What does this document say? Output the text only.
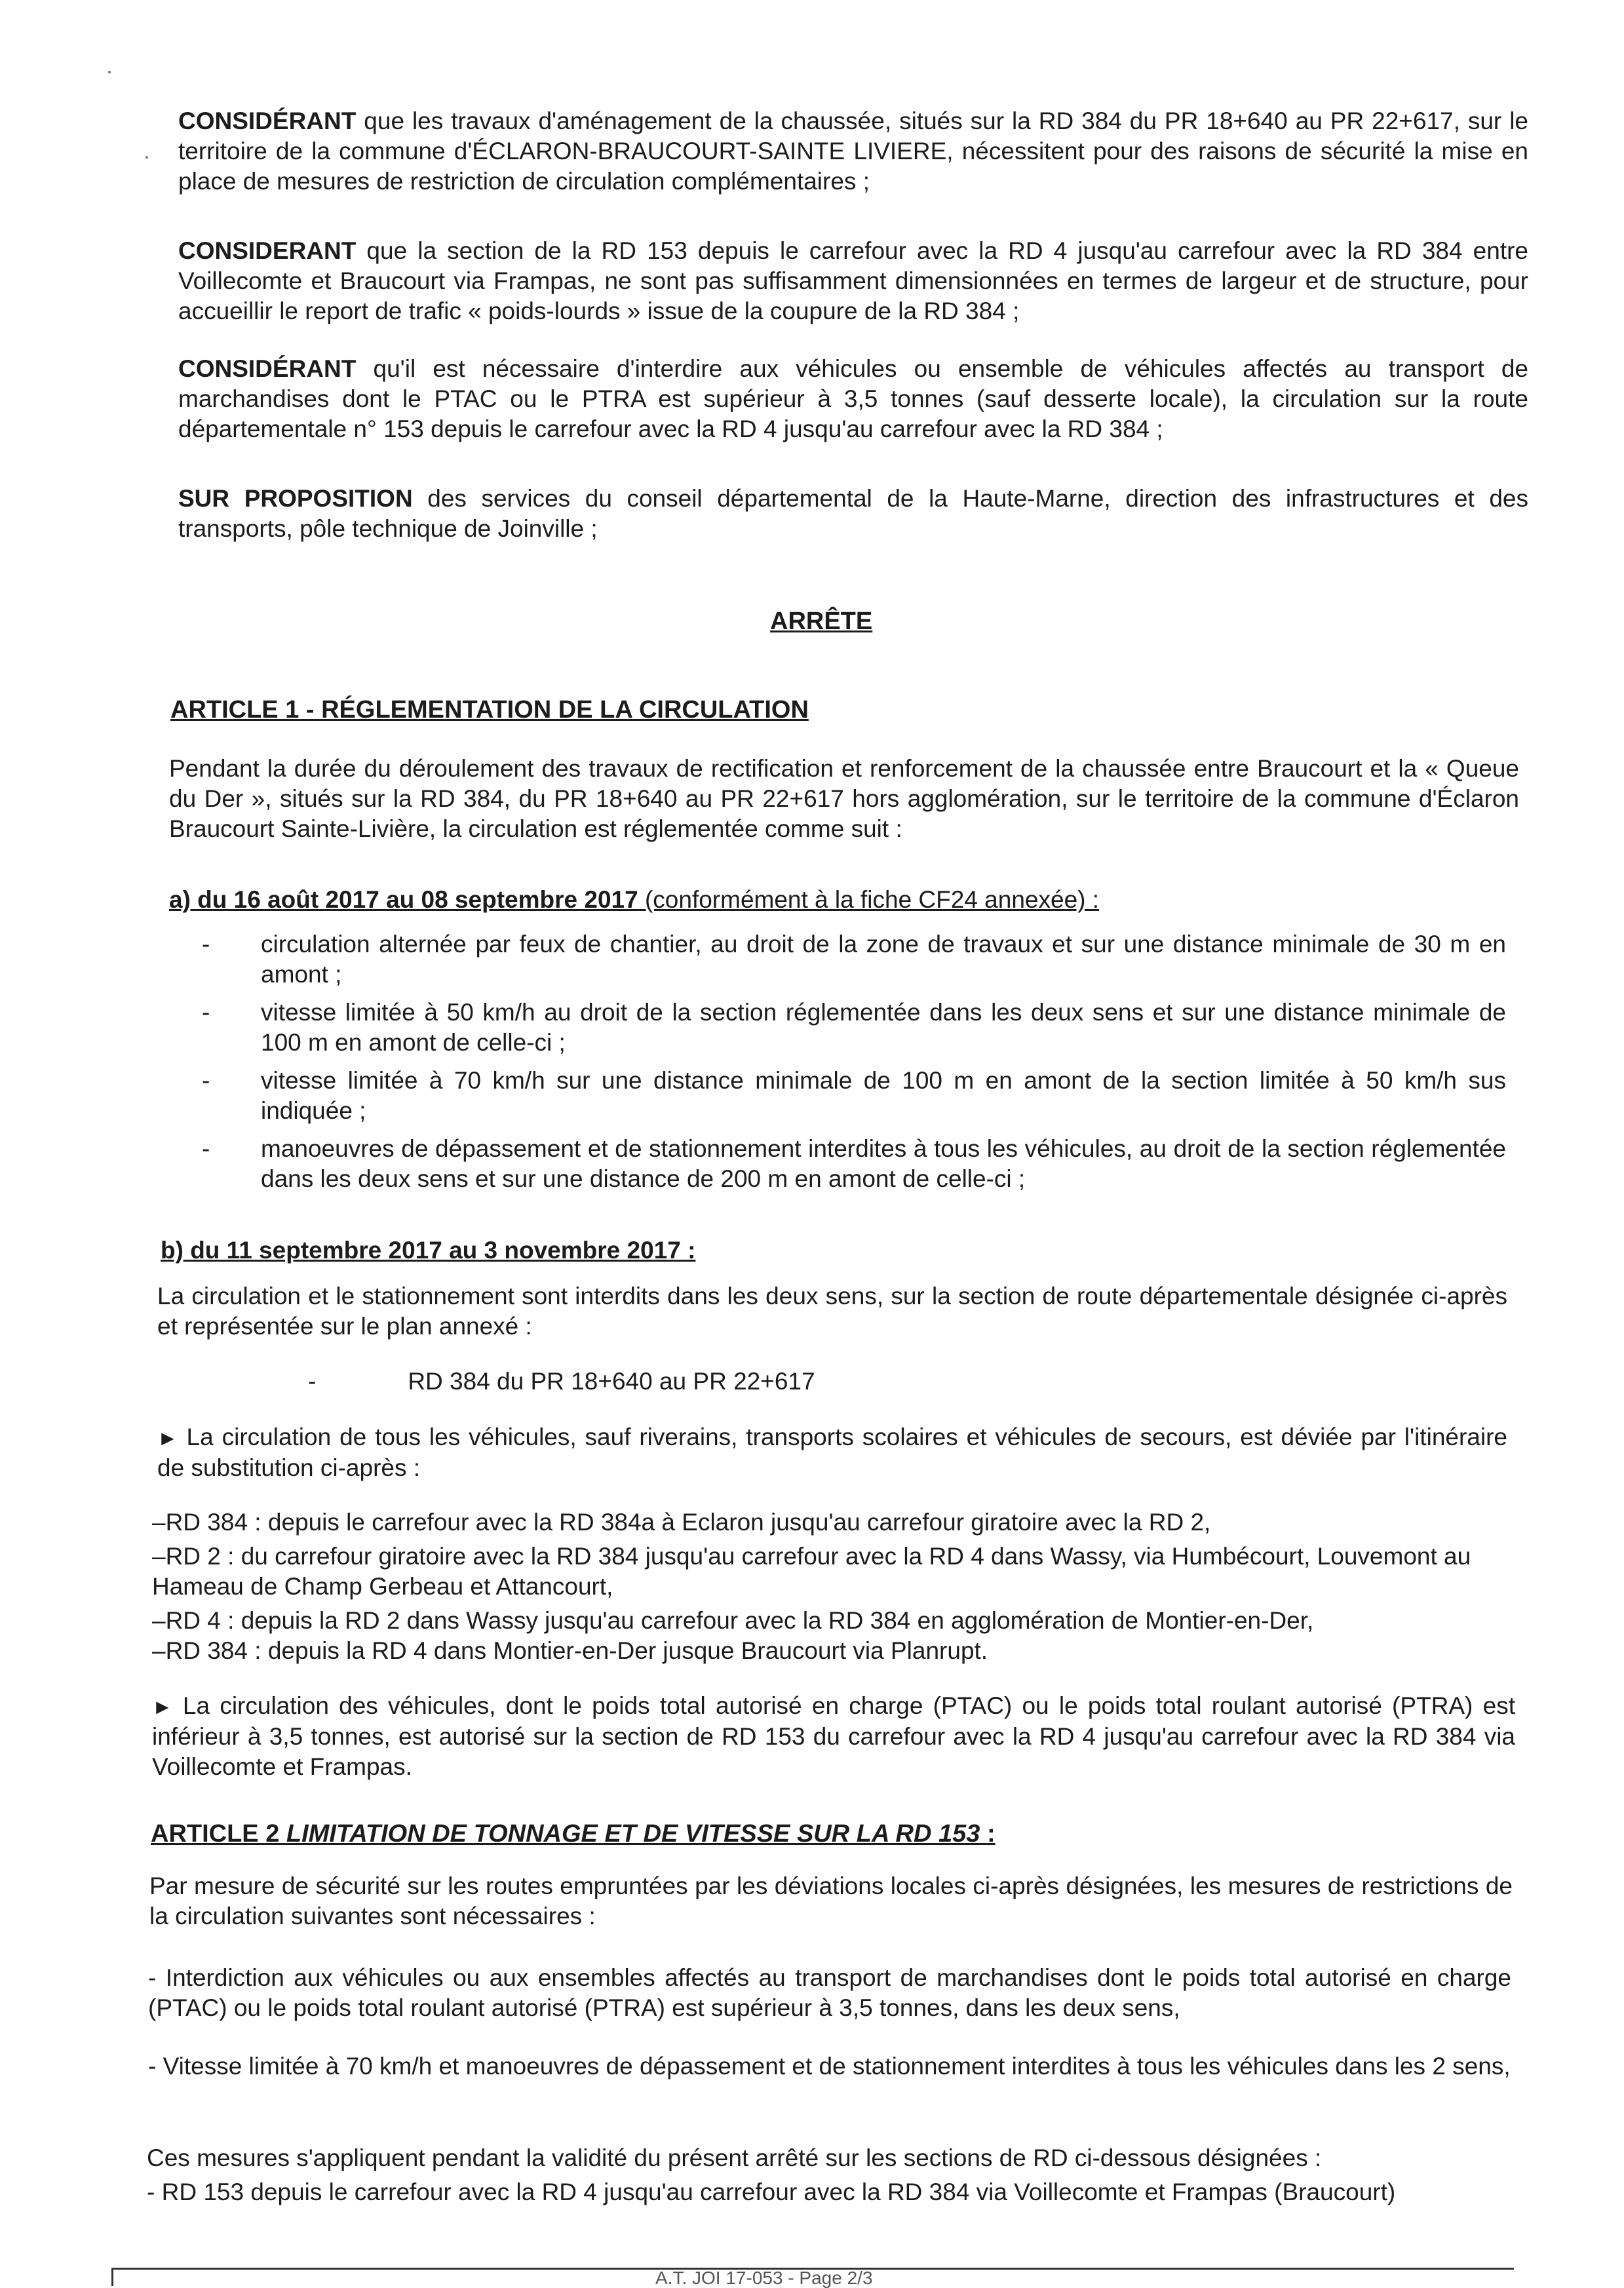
CONSIDÉRANT que les travaux d'aménagement de la chaussée, situés sur la RD 384 du PR 18+640 au PR 22+617, sur le territoire de la commune d'ÉCLARON-BRAUCOURT-SAINTE LIVIERE, nécessitent pour des raisons de sécurité la mise en place de mesures de restriction de circulation complémentaires ;

CONSIDERANT que la section de la RD 153 depuis le carrefour avec la RD 4 jusqu'au carrefour avec la RD 384 entre Voillecomte et Braucourt via Frampas, ne sont pas suffisamment dimensionnées en termes de largeur et de structure, pour accueillir le report de trafic « poids-lourds » issue de la coupure de la RD 384 ;

CONSIDÉRANT qu'il est nécessaire d'interdire aux véhicules ou ensemble de véhicules affectés au transport de marchandises dont le PTAC ou le PTRA est supérieur à 3,5 tonnes (sauf desserte locale), la circulation sur la route départementale n° 153 depuis le carrefour avec la RD 4 jusqu'au carrefour avec la RD 384 ;

SUR PROPOSITION des services du conseil départemental de la Haute-Marne, direction des infrastructures et des transports, pôle technique de Joinville ;

ARRÊTE

ARTICLE 1 - RÉGLEMENTATION DE LA CIRCULATION

Pendant la durée du déroulement des travaux de rectification et renforcement de la chaussée entre Braucourt et la « Queue du Der », situés sur la RD 384, du PR 18+640 au PR 22+617 hors agglomération, sur le territoire de la commune d'Éclaron Braucourt Sainte-Livière, la circulation est réglementée comme suit :

a) du 16 août 2017 au 08 septembre 2017 (conformément à la fiche CF24 annexée) :

- circulation alternée par feux de chantier, au droit de la zone de travaux et sur une distance minimale de 30 m en amont ;
- vitesse limitée à 50 km/h au droit de la section réglementée dans les deux sens et sur une distance minimale de 100 m en amont de celle-ci ;
- vitesse limitée à 70 km/h sur une distance minimale de 100 m en amont de la section limitée à 50 km/h sus indiquée ;
- manoeuvres de dépassement et de stationnement interdites à tous les véhicules, au droit de la section réglementée dans les deux sens et sur une distance de 200 m en amont de celle-ci ;

b) du 11 septembre 2017 au 3 novembre 2017 :

La circulation et le stationnement sont interdits dans les deux sens, sur la section de route départementale désignée ci-après et représentée sur le plan annexé :

-	RD 384 du PR 18+640 au PR 22+617

► La circulation de tous les véhicules, sauf riverains, transports scolaires et véhicules de secours, est déviée par l'itinéraire de substitution ci-après :

–RD 384 : depuis le carrefour avec la RD 384a à Eclaron jusqu'au carrefour giratoire avec la RD 2,

–RD 2 : du carrefour giratoire avec la RD 384 jusqu'au carrefour avec la RD 4 dans Wassy, via Humbécourt, Louvemont au Hameau de Champ Gerbeau et Attancourt,

–RD 4 : depuis la RD 2 dans Wassy jusqu'au carrefour avec la RD 384 en agglomération de Montier-en-Der,

–RD 384 : depuis la RD 4 dans Montier-en-Der jusque Braucourt via Planrupt.

► La circulation des véhicules, dont le poids total autorisé en charge (PTAC) ou le poids total roulant autorisé (PTRA) est inférieur à 3,5 tonnes, est autorisé sur la section de RD 153 du carrefour avec la RD 4 jusqu'au carrefour avec la RD 384 via Voillecomte et Frampas.

ARTICLE 2 LIMITATION DE TONNAGE ET DE VITESSE SUR LA RD 153 :

Par mesure de sécurité sur les routes empruntées par les déviations locales ci-après désignées, les mesures de restrictions de la circulation suivantes sont nécessaires :

- Interdiction aux véhicules ou aux ensembles affectés au transport de marchandises dont le poids total autorisé en charge (PTAC) ou le poids total roulant autorisé (PTRA) est supérieur à 3,5 tonnes, dans les deux sens,

- Vitesse limitée à 70 km/h et manoeuvres de dépassement et de stationnement interdites à tous les véhicules dans les 2 sens,

Ces mesures s'appliquent pendant la validité du présent arrêté sur les sections de RD ci-dessous désignées :

- RD 153 depuis le carrefour avec la RD 4 jusqu'au carrefour avec la RD 384 via Voillecomte et Frampas (Braucourt)

A.T. JOI 17-053 - Page 2/3
